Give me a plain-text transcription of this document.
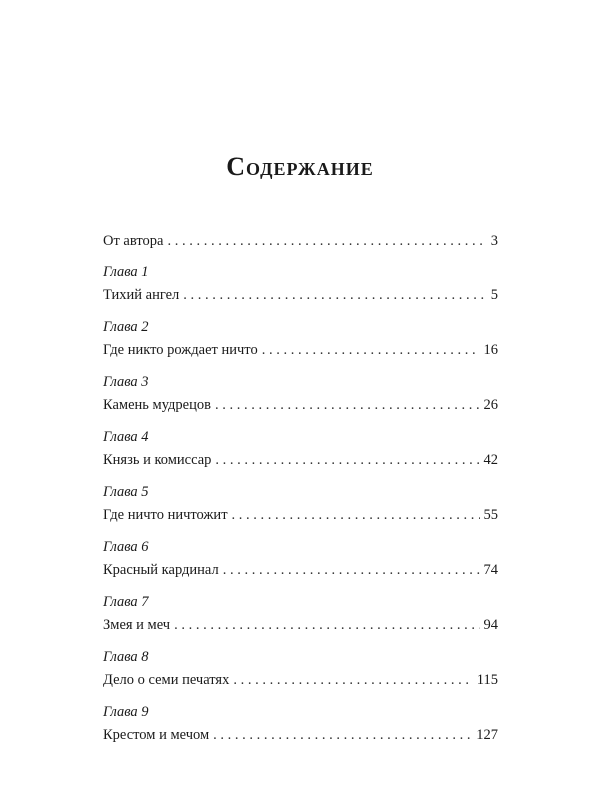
Содержание
От автора . . .	3
Глава 1
Тихий ангел . . .	5
Глава 2
Где никто рождает ничто . . .	16
Глава 3
Камень мудрецов . . .	26
Глава 4
Князь и комиссар . . .	42
Глава 5
Где ничто ничтожит . . .	55
Глава 6
Красный кардинал . . .	74
Глава 7
Змея и меч . . .	94
Глава 8
Дело о семи печатях . . .	115
Глава 9
Крестом и мечом . . .	127
